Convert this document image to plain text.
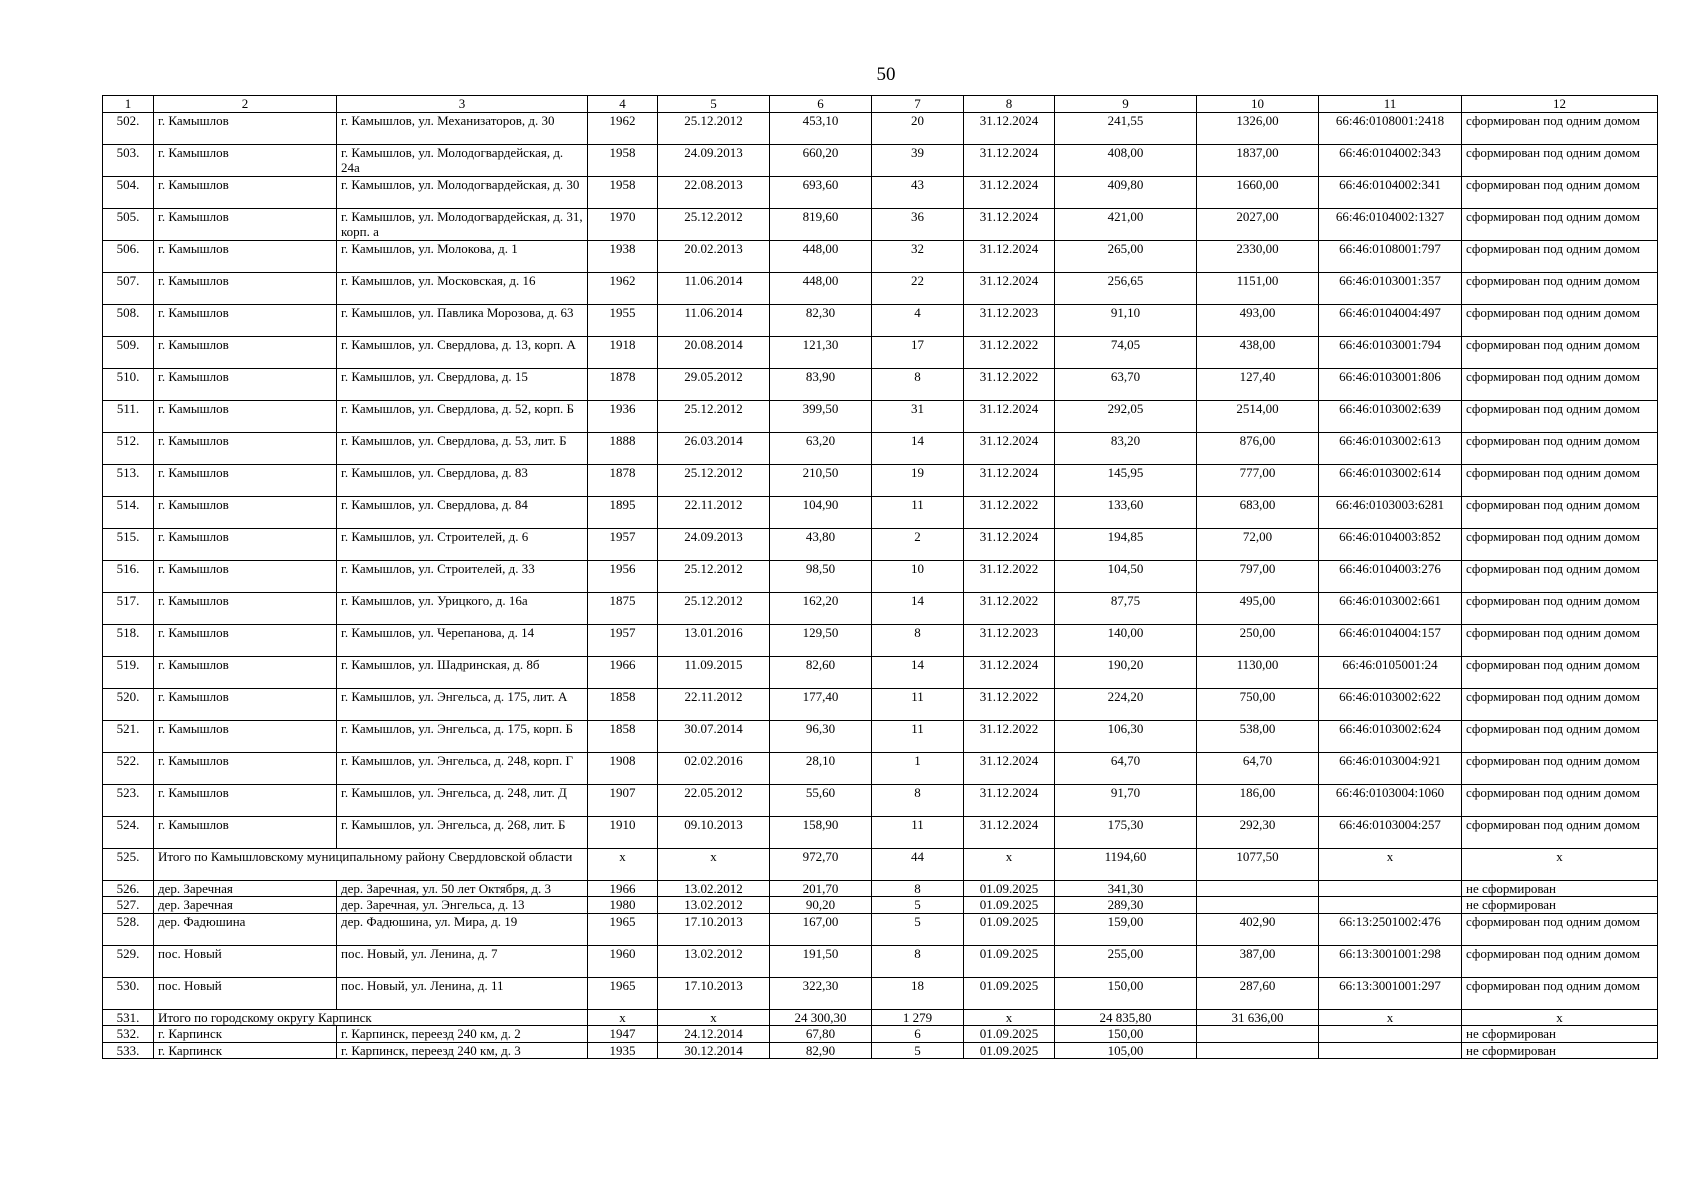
50
1	2	3	4	5	6	7	8	9	10	11	12
502.	г. Камышлов	г. Камышлов, ул. Механизаторов, д. 30	1962	25.12.2012	453,10	20	31.12.2024	241,55	1326,00	66:46:0108001:2418	сформирован под одним домом
503.	г. Камышлов	г. Камышлов, ул. Молодогвардейская, д. 24а	1958	24.09.2013	660,20	39	31.12.2024	408,00	1837,00	66:46:0104002:343	сформирован под одним домом
504.	г. Камышлов	г. Камышлов, ул. Молодогвардейская, д. 30	1958	22.08.2013	693,60	43	31.12.2024	409,80	1660,00	66:46:0104002:341	сформирован под одним домом
505.	г. Камышлов	г. Камышлов, ул. Молодогвардейская, д. 31, корп. а	1970	25.12.2012	819,60	36	31.12.2024	421,00	2027,00	66:46:0104002:1327	сформирован под одним домом
506.	г. Камышлов	г. Камышлов, ул. Молокова, д. 1	1938	20.02.2013	448,00	32	31.12.2024	265,00	2330,00	66:46:0108001:797	сформирован под одним домом
507.	г. Камышлов	г. Камышлов, ул. Московская, д. 16	1962	11.06.2014	448,00	22	31.12.2024	256,65	1151,00	66:46:0103001:357	сформирован под одним домом
508.	г. Камышлов	г. Камышлов, ул. Павлика Морозова, д. 63	1955	11.06.2014	82,30	4	31.12.2023	91,10	493,00	66:46:0104004:497	сформирован под одним домом
509.	г. Камышлов	г. Камышлов, ул. Свердлова, д. 13, корп. А	1918	20.08.2014	121,30	17	31.12.2022	74,05	438,00	66:46:0103001:794	сформирован под одним домом
510.	г. Камышлов	г. Камышлов, ул. Свердлова, д. 15	1878	29.05.2012	83,90	8	31.12.2022	63,70	127,40	66:46:0103001:806	сформирован под одним домом
511.	г. Камышлов	г. Камышлов, ул. Свердлова, д. 52, корп. Б	1936	25.12.2012	399,50	31	31.12.2024	292,05	2514,00	66:46:0103002:639	сформирован под одним домом
512.	г. Камышлов	г. Камышлов, ул. Свердлова, д. 53, лит. Б	1888	26.03.2014	63,20	14	31.12.2024	83,20	876,00	66:46:0103002:613	сформирован под одним домом
513.	г. Камышлов	г. Камышлов, ул. Свердлова, д. 83	1878	25.12.2012	210,50	19	31.12.2024	145,95	777,00	66:46:0103002:614	сформирован под одним домом
514.	г. Камышлов	г. Камышлов, ул. Свердлова, д. 84	1895	22.11.2012	104,90	11	31.12.2022	133,60	683,00	66:46:0103003:6281	сформирован под одним домом
515.	г. Камышлов	г. Камышлов, ул. Строителей, д. 6	1957	24.09.2013	43,80	2	31.12.2024	194,85	72,00	66:46:0104003:852	сформирован под одним домом
516.	г. Камышлов	г. Камышлов, ул. Строителей, д. 33	1956	25.12.2012	98,50	10	31.12.2022	104,50	797,00	66:46:0104003:276	сформирован под одним домом
517.	г. Камышлов	г. Камышлов, ул. Урицкого, д. 16а	1875	25.12.2012	162,20	14	31.12.2022	87,75	495,00	66:46:0103002:661	сформирован под одним домом
518.	г. Камышлов	г. Камышлов, ул. Черепанова, д. 14	1957	13.01.2016	129,50	8	31.12.2023	140,00	250,00	66:46:0104004:157	сформирован под одним домом
519.	г. Камышлов	г. Камышлов, ул. Шадринская, д. 8б	1966	11.09.2015	82,60	14	31.12.2024	190,20	1130,00	66:46:0105001:24	сформирован под одним домом
520.	г. Камышлов	г. Камышлов, ул. Энгельса, д. 175, лит. А	1858	22.11.2012	177,40	11	31.12.2022	224,20	750,00	66:46:0103002:622	сформирован под одним домом
521.	г. Камышлов	г. Камышлов, ул. Энгельса, д. 175, корп. Б	1858	30.07.2014	96,30	11	31.12.2022	106,30	538,00	66:46:0103002:624	сформирован под одним домом
522.	г. Камышлов	г. Камышлов, ул. Энгельса, д. 248, корп. Г	1908	02.02.2016	28,10	1	31.12.2024	64,70	64,70	66:46:0103004:921	сформирован под одним домом
523.	г. Камышлов	г. Камышлов, ул. Энгельса, д. 248, лит. Д	1907	22.05.2012	55,60	8	31.12.2024	91,70	186,00	66:46:0103004:1060	сформирован под одним домом
524.	г. Камышлов	г. Камышлов, ул. Энгельса, д. 268, лит. Б	1910	09.10.2013	158,90	11	31.12.2024	175,30	292,30	66:46:0103004:257	сформирован под одним домом
525.	Итого по Камышловскому муниципальному району Свердловской области		х	х	972,70	44	х	1194,60	1077,50	х	х
526.	дер. Заречная	дер. Заречная, ул. 50 лет Октября, д. 3	1966	13.02.2012	201,70	8	01.09.2025	341,30			не сформирован
527.	дер. Заречная	дер. Заречная, ул. Энгельса, д. 13	1980	13.02.2012	90,20	5	01.09.2025	289,30			не сформирован
528.	дер. Фадюшина	дер. Фадюшина, ул. Мира, д. 19	1965	17.10.2013	167,00	5	01.09.2025	159,00	402,90	66:13:2501002:476	сформирован под одним домом
529.	пос. Новый	пос. Новый, ул. Ленина, д. 7	1960	13.02.2012	191,50	8	01.09.2025	255,00	387,00	66:13:3001001:298	сформирован под одним домом
530.	пос. Новый	пос. Новый, ул. Ленина, д. 11	1965	17.10.2013	322,30	18	01.09.2025	150,00	287,60	66:13:3001001:297	сформирован под одним домом
531.	Итого по городскому округу Карпинск		х	х	24 300,30	1 279	х	24 835,80	31 636,00	х	х
532.	г. Карпинск	г. Карпинск, переезд 240 км, д. 2	1947	24.12.2014	67,80	6	01.09.2025	150,00			не сформирован
533.	г. Карпинск	г. Карпинск, переезд 240 км, д. 3	1935	30.12.2014	82,90	5	01.09.2025	105,00			не сформирован
